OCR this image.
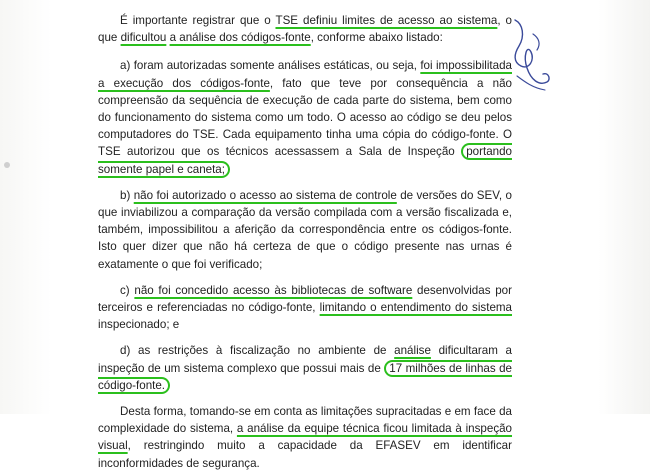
É importante registrar que o TSE definiu limites de acesso ao sistema, o que dificultou a análise dos códigos-fonte, conforme abaixo listado:

a) foram autorizadas somente análises estáticas, ou seja, foi impossibilitada a execução dos códigos-fonte, fato que teve por consequência a não compreensão da sequência de execução de cada parte do sistema, bem como do funcionamento do sistema como um todo. O acesso ao código se deu pelos computadores do TSE. Cada equipamento tinha uma cópia do código-fonte. O TSE autorizou que os técnicos acessassem a Sala de Inspeção portando somente papel e caneta;

b) não foi autorizado o acesso ao sistema de controle de versões do SEV, o que inviabilizou a comparação da versão compilada com a versão fiscalizada e, também, impossibilitou a aferição da correspondência entre os códigos-fonte. Isto quer dizer que não há certeza de que o código presente nas urnas é exatamente o que foi verificado;

c) não foi concedido acesso às bibliotecas de software desenvolvidas por terceiros e referenciadas no código-fonte, limitando o entendimento do sistema inspecionado; e

d) as restrições à fiscalização no ambiente de análise dificultaram a inspeção de um sistema complexo que possui mais de 17 milhões de linhas de código-fonte.

Desta forma, tomando-se em conta as limitações supracitadas e em face da complexidade do sistema, a análise da equipe técnica ficou limitada à inspeção visual, restringindo muito a capacidade da EFASEV em identificar inconformidades de segurança.
